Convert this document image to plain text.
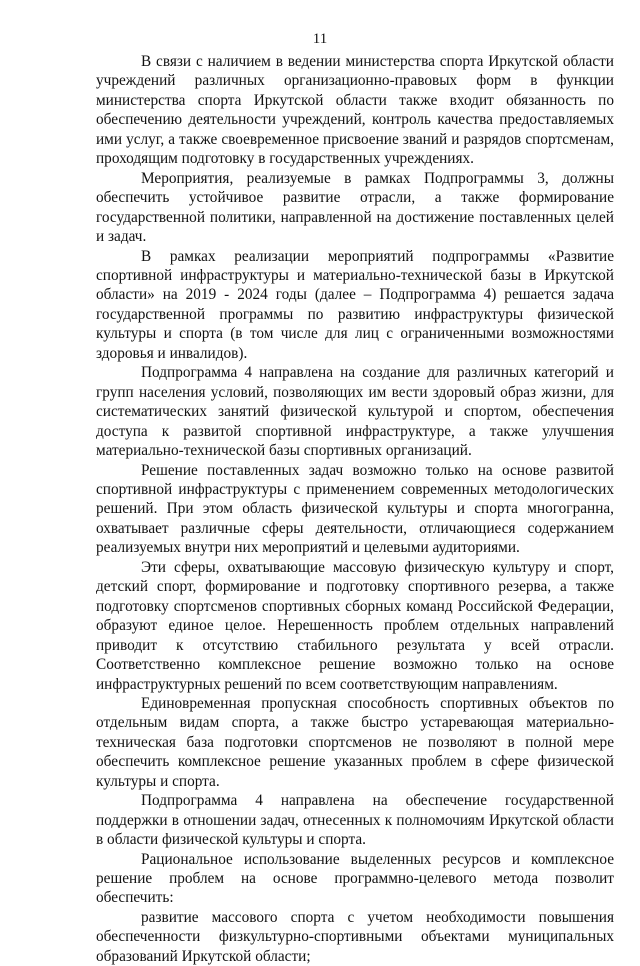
11

В связи с наличием в ведении министерства спорта Иркутской области учреждений различных организационно-правовых форм в функции министерства спорта Иркутской области также входит обязанность по обеспечению деятельности учреждений, контроль качества предоставляемых ими услуг, а также своевременное присвоение званий и разрядов спортсменам, проходящим подготовку в государственных учреждениях.

Мероприятия, реализуемые в рамках Подпрограммы 3, должны обеспечить устойчивое развитие отрасли, а также формирование государственной политики, направленной на достижение поставленных целей и задач.

В рамках реализации мероприятий подпрограммы «Развитие спортивной инфраструктуры и материально-технической базы в Иркутской области» на 2019 - 2024 годы (далее – Подпрограмма 4) решается задача государственной программы по развитию инфраструктуры физической культуры и спорта (в том числе для лиц с ограниченными возможностями здоровья и инвалидов).

Подпрограмма 4 направлена на создание для различных категорий и групп населения условий, позволяющих им вести здоровый образ жизни, для систематических занятий физической культурой и спортом, обеспечения доступа к развитой спортивной инфраструктуре, а также улучшения материально-технической базы спортивных организаций.

Решение поставленных задач возможно только на основе развитой спортивной инфраструктуры с применением современных методологических решений. При этом область физической культуры и спорта многогранна, охватывает различные сферы деятельности, отличающиеся содержанием реализуемых внутри них мероприятий и целевыми аудиториями.

Эти сферы, охватывающие массовую физическую культуру и спорт, детский спорт, формирование и подготовку спортивного резерва, а также подготовку спортсменов спортивных сборных команд Российской Федерации, образуют единое целое. Нерешенность проблем отдельных направлений приводит к отсутствию стабильного результата у всей отрасли. Соответственно комплексное решение возможно только на основе инфраструктурных решений по всем соответствующим направлениям.

Единовременная пропускная способность спортивных объектов по отдельным видам спорта, а также быстро устаревающая материально-техническая база подготовки спортсменов не позволяют в полной мере обеспечить комплексное решение указанных проблем в сфере физической культуры и спорта.

Подпрограмма 4 направлена на обеспечение государственной поддержки в отношении задач, отнесенных к полномочиям Иркутской области в области физической культуры и спорта.

Рациональное использование выделенных ресурсов и комплексное решение проблем на основе программно-целевого метода позволит обеспечить:

развитие массового спорта с учетом необходимости повышения обеспеченности физкультурно-спортивными объектами муниципальных образований Иркутской области;
